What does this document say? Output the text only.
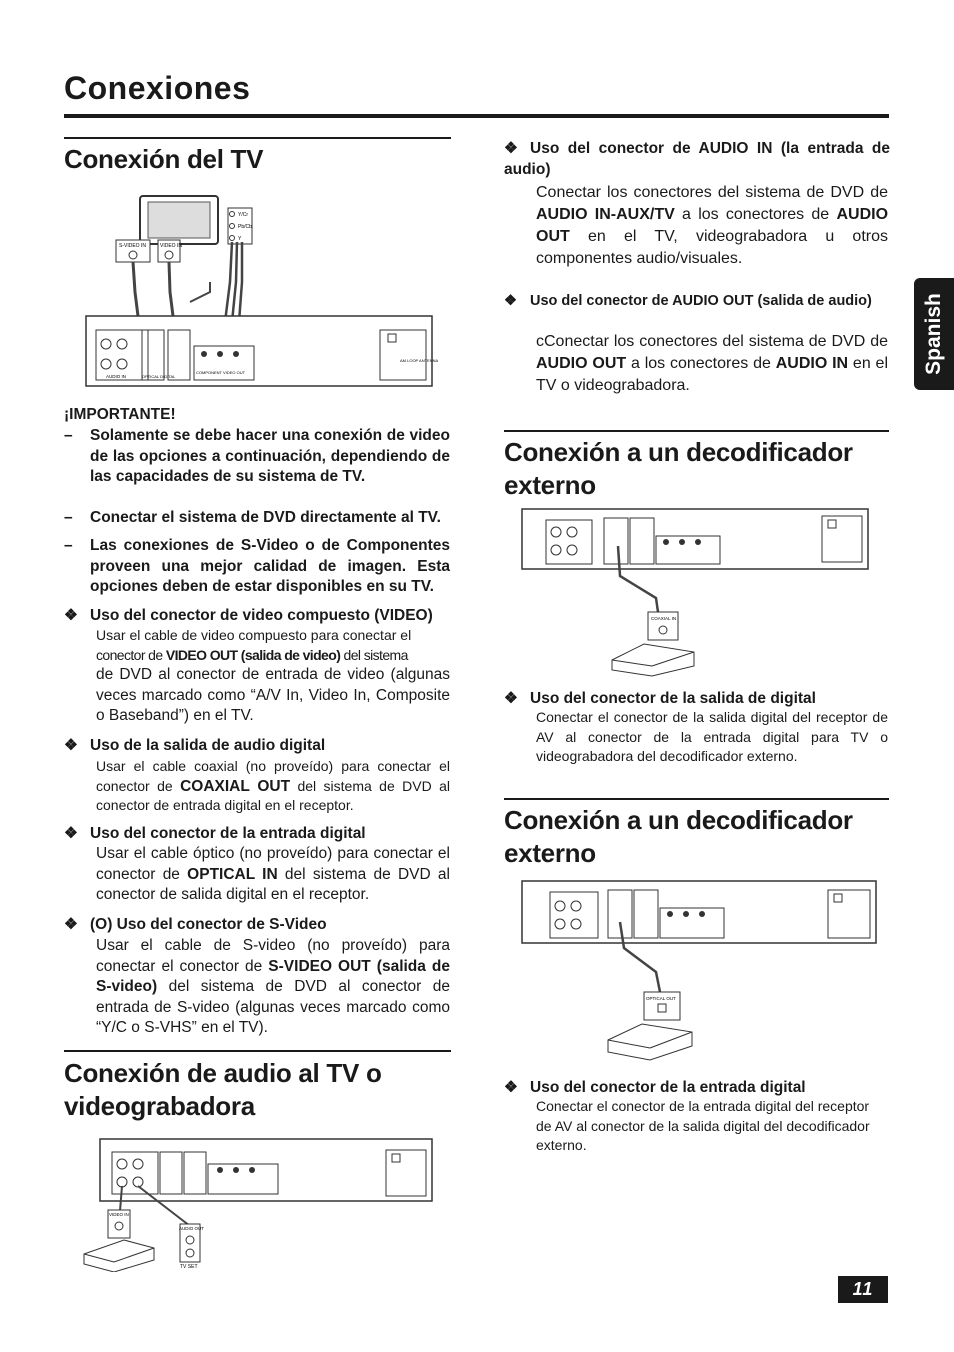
Conexiones
Spanish
Conexión del TV
Y/Cr
Pb/Cb
Y
S-VIDEO IN	VIDEO IN
AUDIO IN	OPTICAL DIGITAL
COMPONENT VIDEO OUT
AM LOOP ANTENNA
¡IMPORTANTE!
– Solamente se debe hacer una conexión de video de las opciones a continuación, dependiendo de las capacidades de su sistema de TV.
– Conectar el sistema de DVD directamente al TV.
– Las conexiones de S-Video o de Componentes proveen una mejor calidad de imagen. Esta opciones deben de estar disponibles en su TV.
❖ Uso del conector de video compuesto (VIDEO)
Usar el cable de video compuesto para conectar el
conector de VIDEO OUT (salida de video) del sistema
de DVD al conector de entrada de video (algunas veces marcado como “A/V In, Video In, Composite o Baseband”) en el TV.
❖ Uso de la salida de audio digital
Usar el cable coaxial (no proveído) para conectar el conector de COAXIAL OUT del sistema de DVD al conector de entrada digital en el receptor.
❖ Uso del conector de la entrada digital
Usar el cable óptico (no proveído) para conectar el conector de OPTICAL IN del sistema de DVD al conector de salida digital en el receptor.
❖ (O) Uso del conector de S-Video
Usar el cable de S-video (no proveído) para conectar el conector de S-VIDEO OUT (salida de S-video) del sistema de DVD al conector de entrada de S-video (algunas veces marcado como “Y/C o S-VHS” en el TV).
Conexión de audio al TV o
videograbadora
VIDEO IN
AUDIO OUT
TV SET
❖ Uso del conector de AUDIO IN (la entrada de audio)
Conectar los conectores del sistema de DVD de AUDIO IN-AUX/TV a los conectores de AUDIO OUT en el TV, videograbadora u otros componentes audio/visuales.
❖ Uso del conector de AUDIO OUT (salida de audio)
cConectar los conectores del sistema de DVD de AUDIO OUT a los conectores de AUDIO IN en el TV o videograbadora.
Conexión a un decodificador
externo
COAXIAL IN
❖ Uso del conector de la salida de digital
Conectar el conector de la salida digital del receptor de AV al conector de la entrada digital para TV o videograbadora del decodificador externo.
Conexión a un decodificador
externo
OPTICAL OUT
❖ Uso del conector de la entrada digital
Conectar el conector de la entrada digital del receptor de AV al conector de la salida digital del decodificador externo.
11
